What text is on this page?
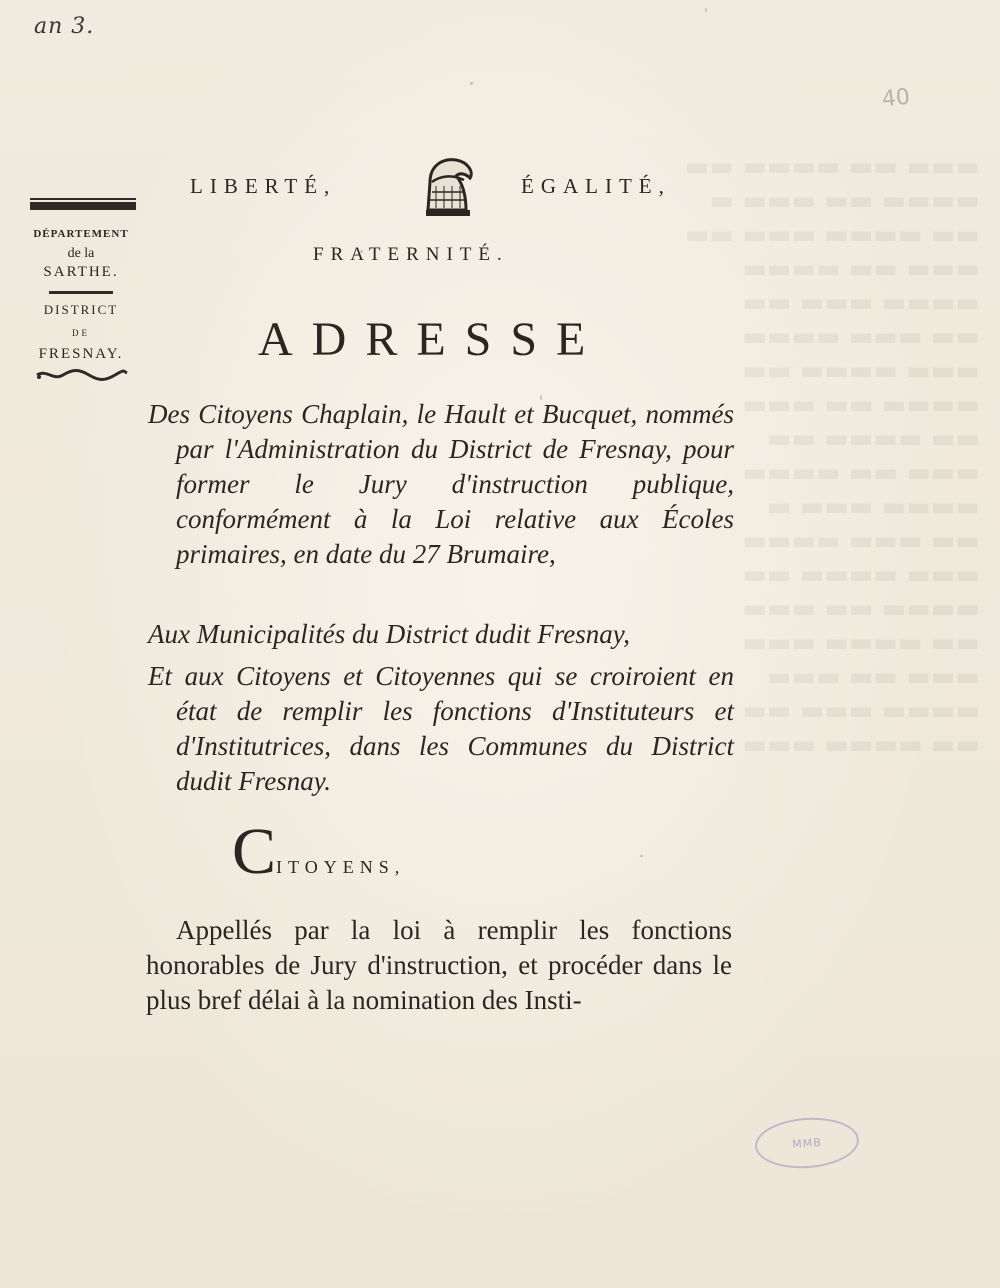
▬▬▬ ▬▬ ▬▬▬▬ ▬▬
▬▬▬▬ ▬▬ ▬▬▬ ▬
▬▬ ▬▬▬▬ ▬▬▬ ▬▬
▬▬▬ ▬▬ ▬▬▬▬
▬▬▬▬ ▬▬▬ ▬▬
▬▬ ▬▬▬ ▬▬▬▬
▬▬▬ ▬▬▬▬ ▬▬
▬▬▬▬ ▬▬ ▬▬▬
▬▬ ▬▬▬▬ ▬▬
▬▬▬ ▬▬ ▬▬▬▬
▬▬▬▬ ▬▬▬ ▬
▬▬ ▬▬▬ ▬▬▬▬
▬▬▬ ▬▬▬▬ ▬▬
▬▬▬▬ ▬▬ ▬▬▬
▬▬ ▬▬▬▬ ▬▬▬
▬▬▬ ▬▬ ▬▬▬
▬▬▬▬ ▬▬▬ ▬▬
▬▬ ▬▬▬▬ ▬▬▬
an 3.
40
DÉPARTEMENT
de la
SARTHE.
DISTRICT
DE
FRESNAY.
LIBERTÉ,	ÉGALITÉ,
FRATERNITÉ.
ADRESSE

Des Citoyens Chaplain, le Hault et Bucquet, nommés par l'Administration du District de Fresnay, pour former le Jury d'instruction publique, conformément à la Loi relative aux Écoles primaires, en date du 27 Brumaire,

Aux Municipalités du District dudit Fresnay,

Et aux Citoyens et Citoyennes qui se croiroient en état de remplir les fonctions d'Instituteurs et d'Institutrices, dans les Communes du District dudit Fresnay.

CITOYENS,

Appellés par la loi à remplir les fonctions honorables de Jury d'instruction, et procéder dans le plus bref délai à la nomination des Insti-

MMB
